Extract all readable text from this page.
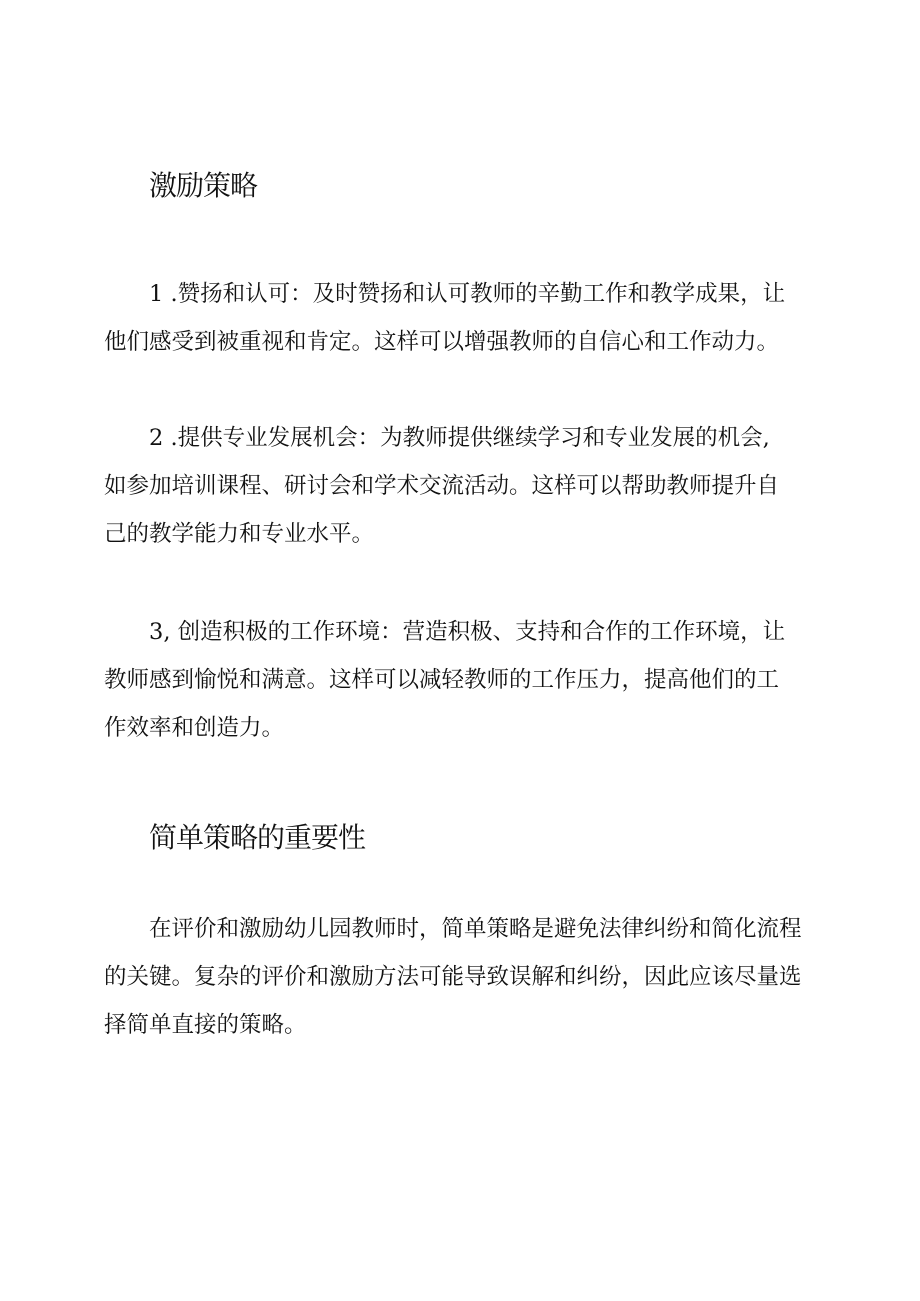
激励策略

1 .赞扬和认可：及时赞扬和认可教师的辛勤工作和教学成果，让
他们感受到被重视和肯定。这样可以增强教师的自信心和工作动力。

2 .提供专业发展机会：为教师提供继续学习和专业发展的机会,
如参加培训课程、研讨会和学术交流活动。这样可以帮助教师提升自
己的教学能力和专业水平。

3, 创造积极的工作环境：营造积极、支持和合作的工作环境，让
教师感到愉悦和满意。这样可以减轻教师的工作压力，提高他们的工
作效率和创造力。

简单策略的重要性

在评价和激励幼儿园教师时，简单策略是避免法律纠纷和简化流程
的关键。复杂的评价和激励方法可能导致误解和纠纷，因此应该尽量选
择简单直接的策略。
